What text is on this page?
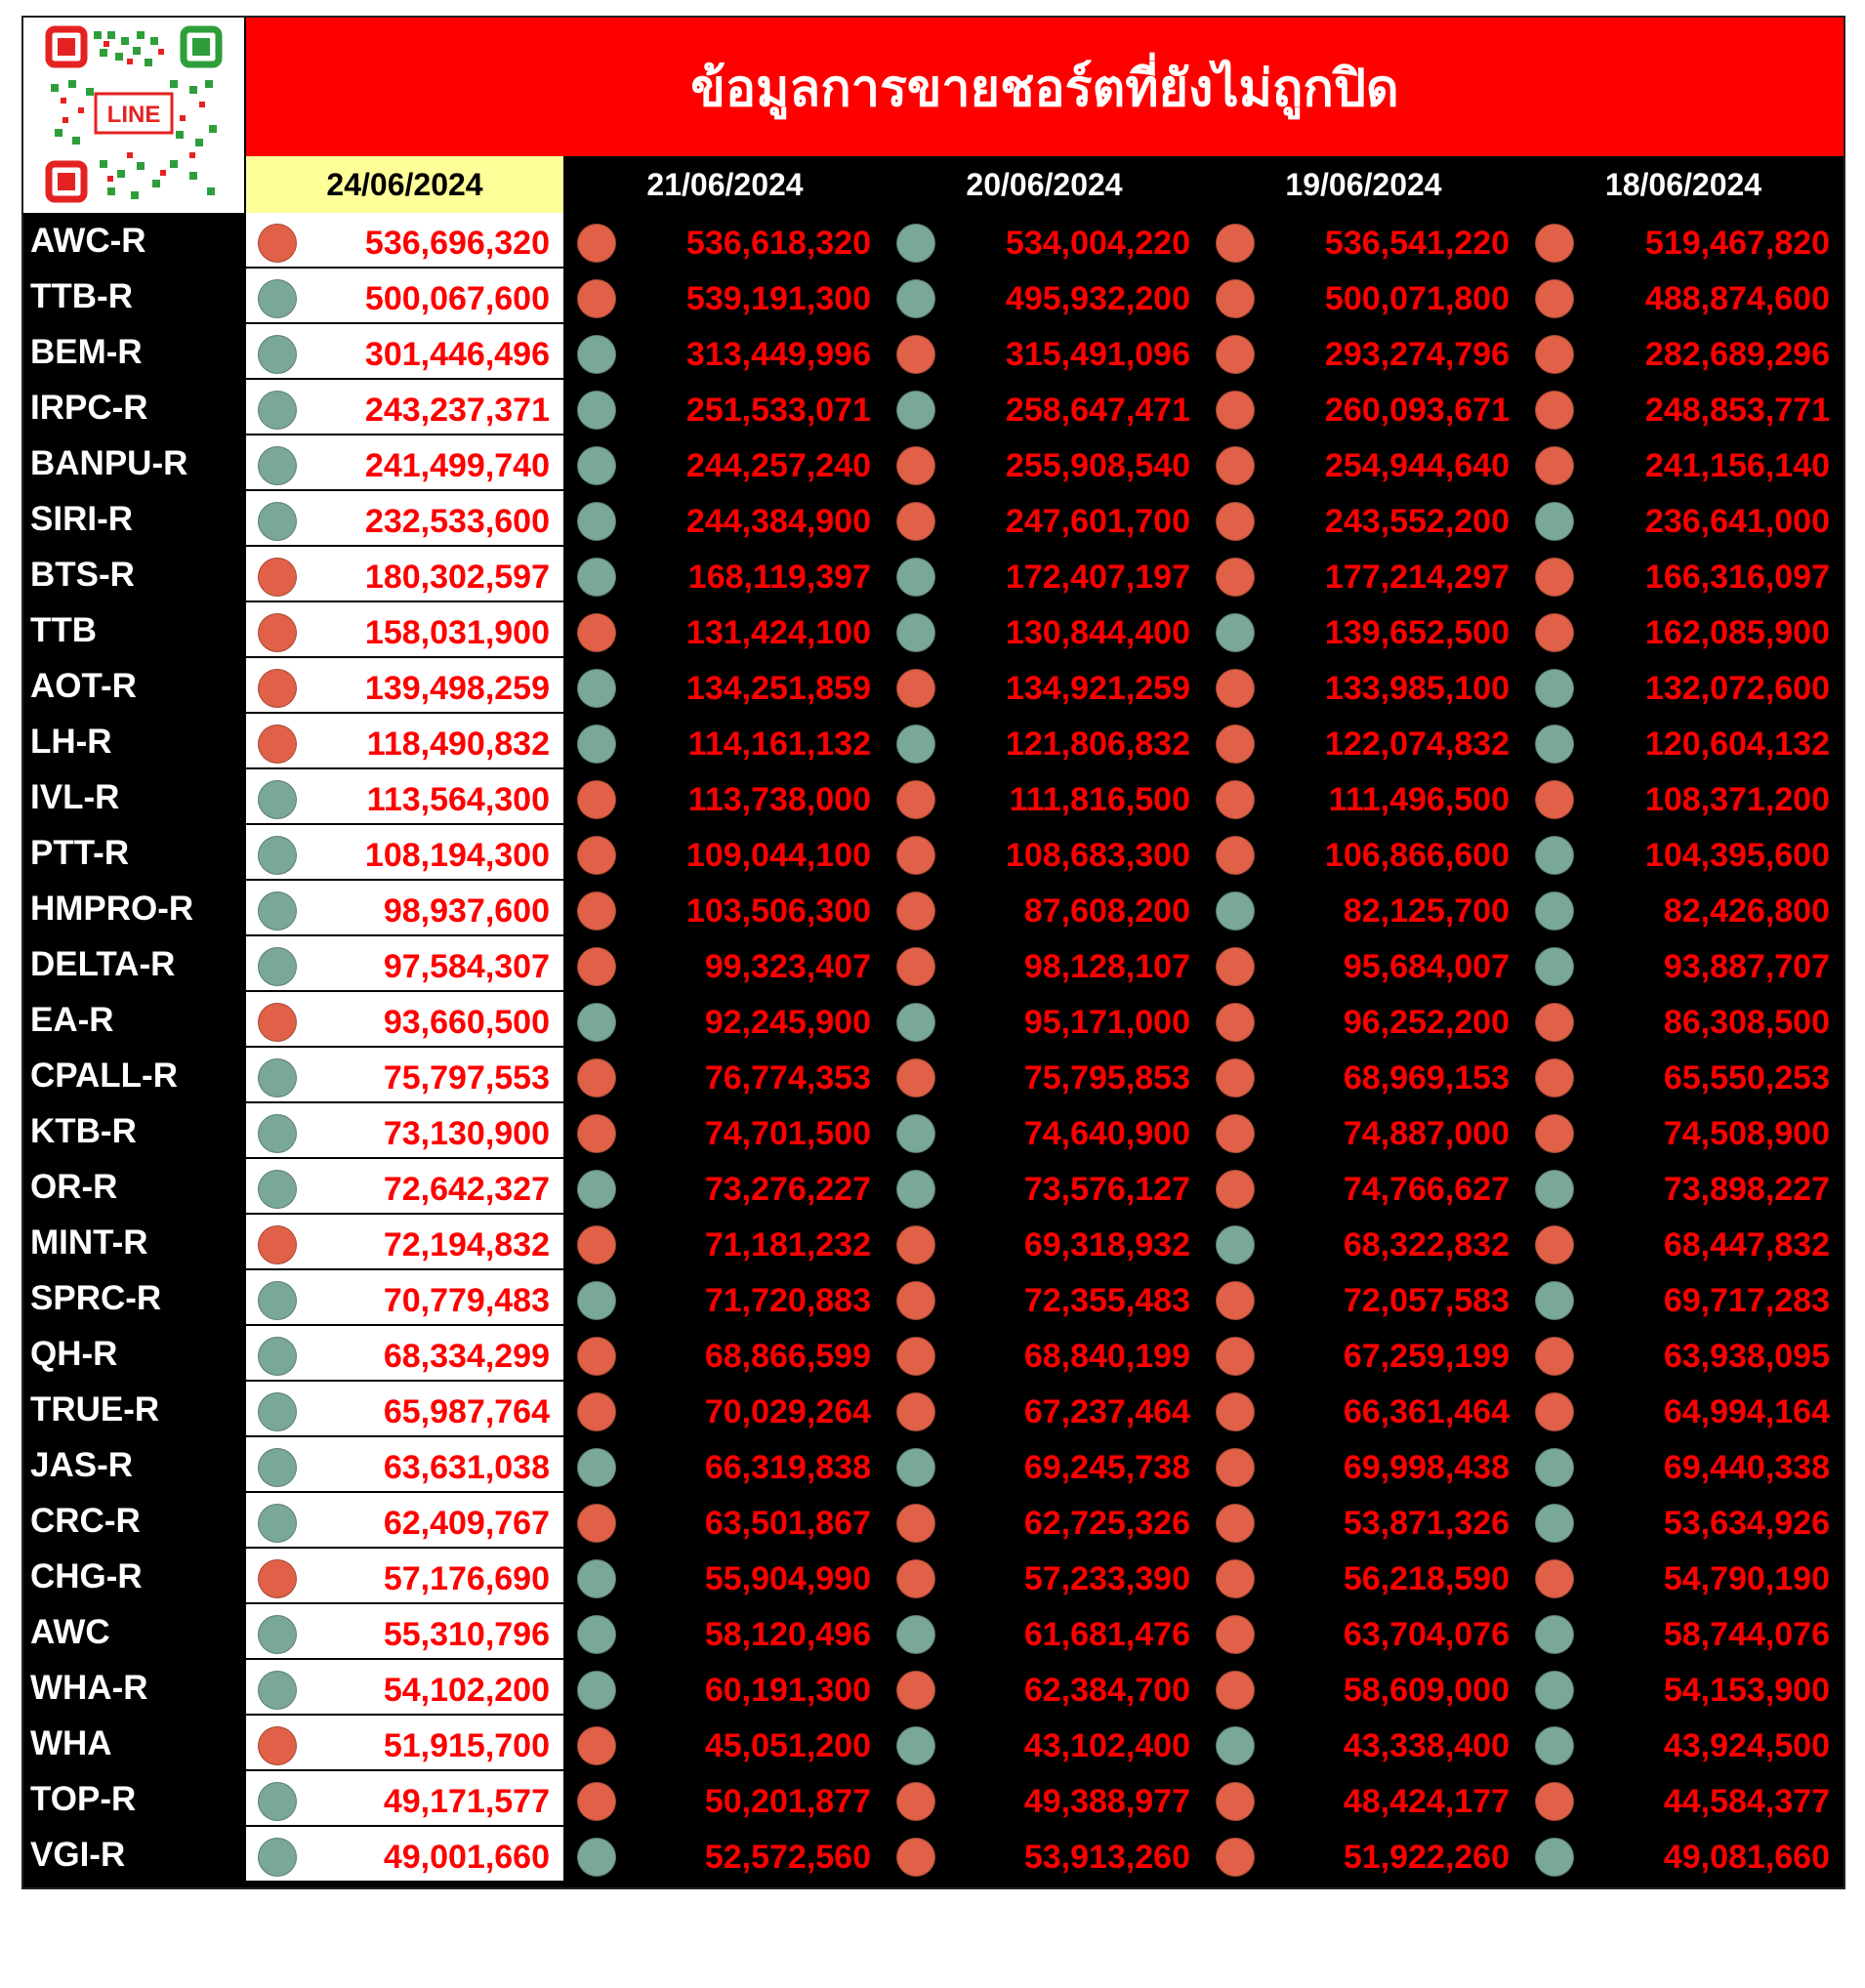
LINE	ข้อมูลการขายชอร์ตที่ยังไม่ถูกปิด
24/06/2024	21/06/2024	20/06/2024	19/06/2024	18/06/2024
AWC-R	536,696,320	536,618,320	534,004,220	536,541,220	519,467,820
TTB-R	500,067,600	539,191,300	495,932,200	500,071,800	488,874,600
BEM-R	301,446,496	313,449,996	315,491,096	293,274,796	282,689,296
IRPC-R	243,237,371	251,533,071	258,647,471	260,093,671	248,853,771
BANPU-R	241,499,740	244,257,240	255,908,540	254,944,640	241,156,140
SIRI-R	232,533,600	244,384,900	247,601,700	243,552,200	236,641,000
BTS-R	180,302,597	168,119,397	172,407,197	177,214,297	166,316,097
TTB	158,031,900	131,424,100	130,844,400	139,652,500	162,085,900
AOT-R	139,498,259	134,251,859	134,921,259	133,985,100	132,072,600
LH-R	118,490,832	114,161,132	121,806,832	122,074,832	120,604,132
IVL-R	113,564,300	113,738,000	111,816,500	111,496,500	108,371,200
PTT-R	108,194,300	109,044,100	108,683,300	106,866,600	104,395,600
HMPRO-R	98,937,600	103,506,300	87,608,200	82,125,700	82,426,800
DELTA-R	97,584,307	99,323,407	98,128,107	95,684,007	93,887,707
EA-R	93,660,500	92,245,900	95,171,000	96,252,200	86,308,500
CPALL-R	75,797,553	76,774,353	75,795,853	68,969,153	65,550,253
KTB-R	73,130,900	74,701,500	74,640,900	74,887,000	74,508,900
OR-R	72,642,327	73,276,227	73,576,127	74,766,627	73,898,227
MINT-R	72,194,832	71,181,232	69,318,932	68,322,832	68,447,832
SPRC-R	70,779,483	71,720,883	72,355,483	72,057,583	69,717,283
QH-R	68,334,299	68,866,599	68,840,199	67,259,199	63,938,095
TRUE-R	65,987,764	70,029,264	67,237,464	66,361,464	64,994,164
JAS-R	63,631,038	66,319,838	69,245,738	69,998,438	69,440,338
CRC-R	62,409,767	63,501,867	62,725,326	53,871,326	53,634,926
CHG-R	57,176,690	55,904,990	57,233,390	56,218,590	54,790,190
AWC	55,310,796	58,120,496	61,681,476	63,704,076	58,744,076
WHA-R	54,102,200	60,191,300	62,384,700	58,609,000	54,153,900
WHA	51,915,700	45,051,200	43,102,400	43,338,400	43,924,500
TOP-R	49,171,577	50,201,877	49,388,977	48,424,177	44,584,377
VGI-R	49,001,660	52,572,560	53,913,260	51,922,260	49,081,660
